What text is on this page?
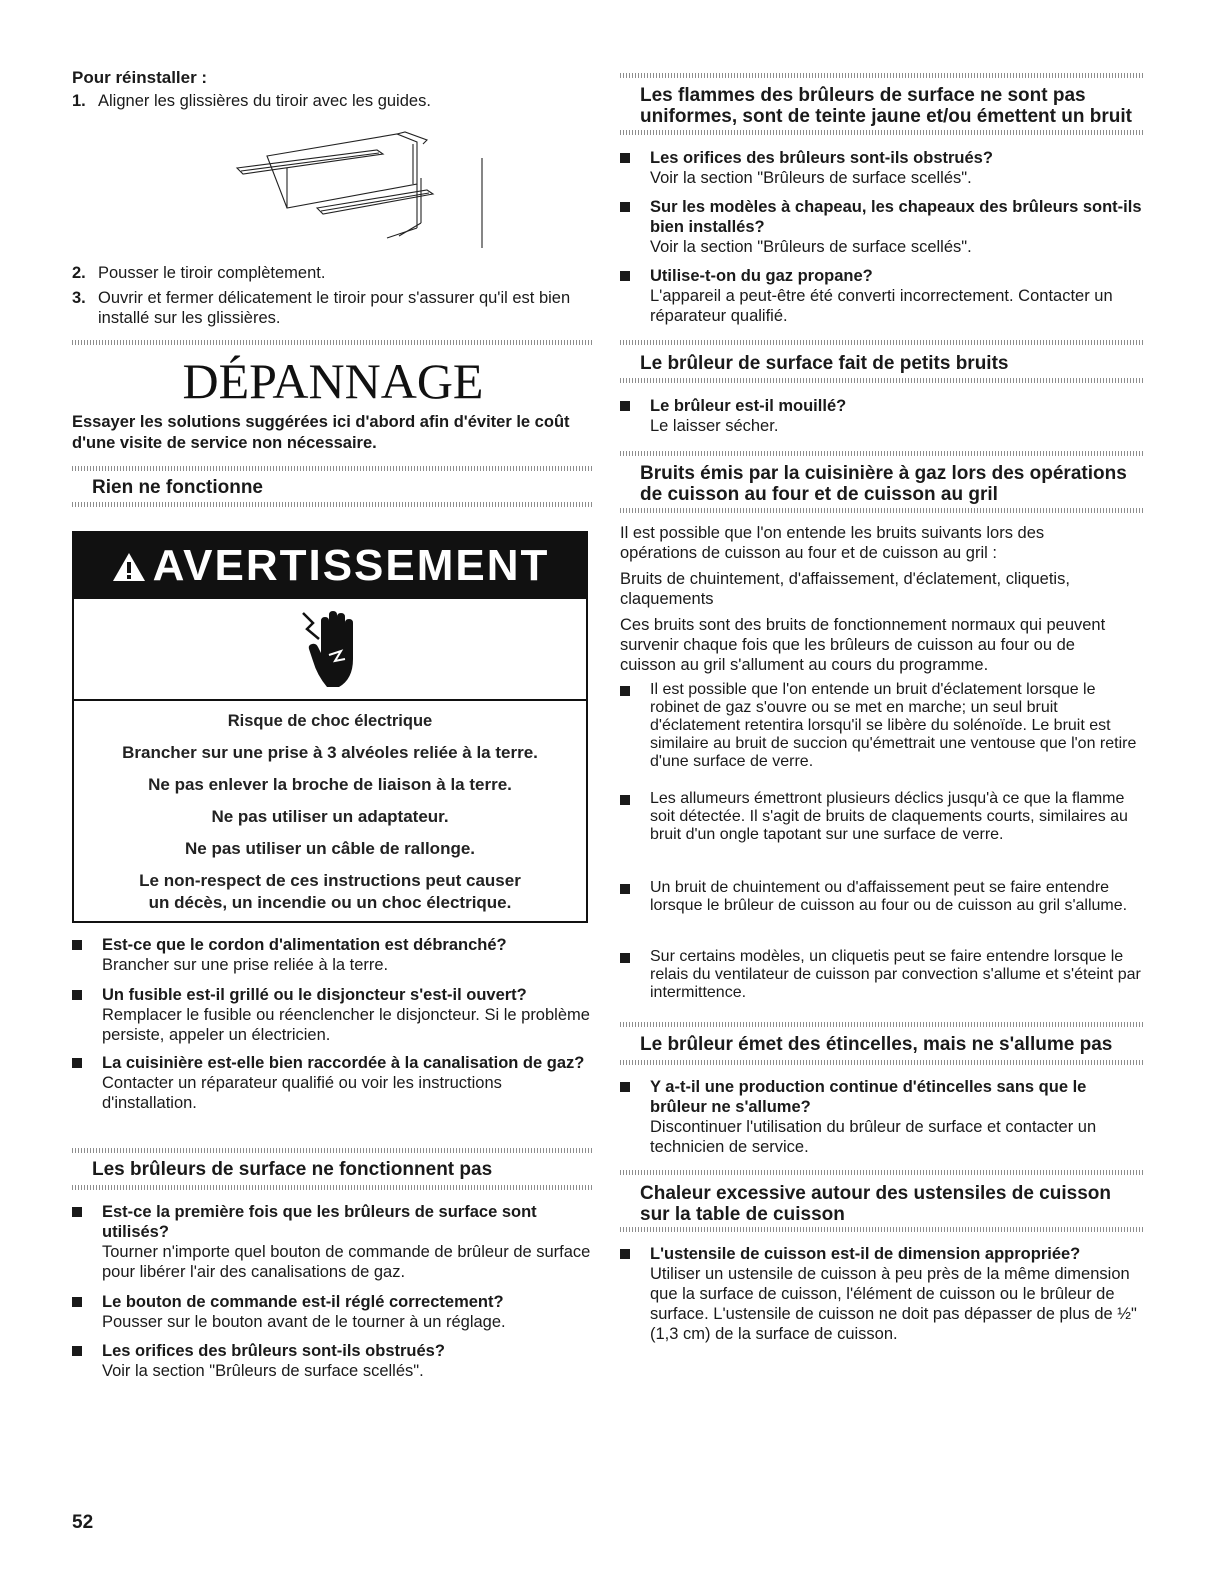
Pour réinstaller :
1. Aligner les glissières du tiroir avec les guides.
2. Pousser le tiroir complètement.
3. Ouvrir et fermer délicatement le tiroir pour s'assurer qu'il est bien installé sur les glissières.
DÉPANNAGE
Essayer les solutions suggérées ici d'abord afin d'éviter le coût d'une visite de service non nécessaire.
Rien ne fonctionne
AVERTISSEMENT
Risque de choc électrique
Brancher sur une prise à 3 alvéoles reliée à la terre.
Ne pas enlever la broche de liaison à la terre.
Ne pas utiliser un adaptateur.
Ne pas utiliser un câble de rallonge.
Le non-respect de ces instructions peut causer
un décès, un incendie ou un choc électrique.
Est-ce que le cordon d'alimentation est débranché?
Brancher sur une prise reliée à la terre.
Un fusible est-il grillé ou le disjoncteur s'est-il ouvert?
Remplacer le fusible ou réenclencher le disjoncteur. Si le problème persiste, appeler un électricien.
La cuisinière est-elle bien raccordée à la canalisation de gaz?
Contacter un réparateur qualifié ou voir les instructions d'installation.
Les brûleurs de surface ne fonctionnent pas
Est-ce la première fois que les brûleurs de surface sont utilisés?
Tourner n'importe quel bouton de commande de brûleur de surface pour libérer l'air des canalisations de gaz.
Le bouton de commande est-il réglé correctement?
Pousser sur le bouton avant de le tourner à un réglage.
Les orifices des brûleurs sont-ils obstrués?
Voir la section "Brûleurs de surface scellés".
52
Les flammes des brûleurs de surface ne sont pas uniformes, sont de teinte jaune et/ou émettent un bruit
Les orifices des brûleurs sont-ils obstrués?
Voir la section "Brûleurs de surface scellés".
Sur les modèles à chapeau, les chapeaux des brûleurs sont-ils bien installés?
Voir la section "Brûleurs de surface scellés".
Utilise-t-on du gaz propane?
L'appareil a peut-être été converti incorrectement. Contacter un réparateur qualifié.
Le brûleur de surface fait de petits bruits
Le brûleur est-il mouillé?
Le laisser sécher.
Bruits émis par la cuisinière à gaz lors des opérations de cuisson au four et de cuisson au gril
Il est possible que l'on entende les bruits suivants lors des opérations de cuisson au four et de cuisson au gril :
Bruits de chuintement, d'affaissement, d'éclatement, cliquetis, claquements
Ces bruits sont des bruits de fonctionnement normaux qui peuvent survenir chaque fois que les brûleurs de cuisson au four ou de cuisson au gril s'allument au cours du programme.
Il est possible que l'on entende un bruit d'éclatement lorsque le robinet de gaz s'ouvre ou se met en marche; un seul bruit d'éclatement retentira lorsqu'il se libère du solénoïde. Le bruit est similaire au bruit de succion qu'émettrait une ventouse que l'on retire d'une surface de verre.
Les allumeurs émettront plusieurs déclics jusqu'à ce que la flamme soit détectée. Il s'agit de bruits de claquements courts, similaires au bruit d'un ongle tapotant sur une surface de verre.
Un bruit de chuintement ou d'affaissement peut se faire entendre lorsque le brûleur de cuisson au four ou de cuisson au gril s'allume.
Sur certains modèles, un cliquetis peut se faire entendre lorsque le relais du ventilateur de cuisson par convection s'allume et s'éteint par intermittence.
Le brûleur émet des étincelles, mais ne s'allume pas
Y a-t-il une production continue d'étincelles sans que le brûleur ne s'allume?
Discontinuer l'utilisation du brûleur de surface et contacter un technicien de service.
Chaleur excessive autour des ustensiles de cuisson sur la table de cuisson
L'ustensile de cuisson est-il de dimension appropriée?
Utiliser un ustensile de cuisson à peu près de la même dimension que la surface de cuisson, l'élément de cuisson ou le brûleur de surface. L'ustensile de cuisson ne doit pas dépasser de plus de ½" (1,3 cm) de la surface de cuisson.
